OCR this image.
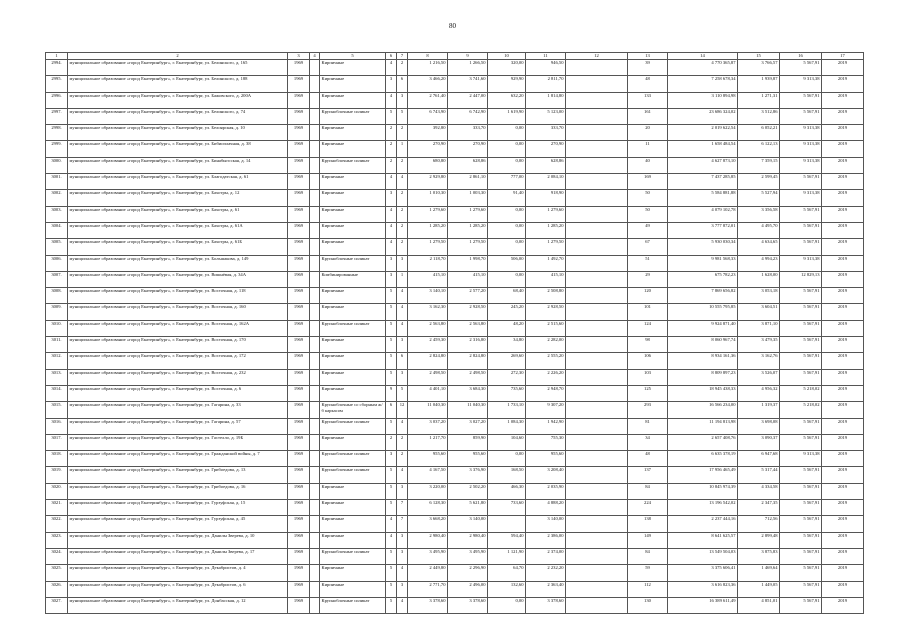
80
1	2	3	4	5	6	7	8	9	10	11	12	13	14	15	16	17
2994.	муниципальное образование «город Екатеринбург», г. Екатеринбург, ул. Белинского, д. 165	1969		Кирпичные	4	2	1 216,50	1 266,50	320,00	946,50		39	4 770 365,87	3 766,57	5 567,91	2019
2995.	муниципальное образование «город Екатеринбург», г. Екатеринбург, ул. Белинского, д. 188	1969		Кирпичные	3	6	3 466,20	3 741,60	929,90	2 811,70		48	7 258 678,34	1 939,87	9 313,38	2019
2996.	муниципальное образование «город Екатеринбург», г. Екатеринбург, ул. Бажовского, д. 200А	1969		Кирпичные	4	3	2 761,40	2 447,00	632,20	1 814,80		133	3 110 894,98	1 271,31	5 567,91	2019
2997.	муниципальное образование «город Екатеринбург», г. Екатеринбург, ул. Белинского, д. 74	1969		Крупноблочные силикат	5	5	6 743,90	6 742,90	1 619,90	5 123,00		161	23 686 324,02	3 512,86	5 567,91	2019
2998.	муниципальное образование «город Екатеринбург», г. Екатеринбург, ул. Белоярская, д. 10	1969		Кирпичные	2	2	392,80	333,70	0,00	333,70		20	2 019 622,54	6 052,21	9 313,38	2019
2999.	муниципальное образование «город Екатеринбург», г. Екатеринбург, ул. Бибиоплачная, д. 38	1969		Кирпичные	2	1	270,90	270,90	0,00	270,90		11	1 658 484,54	6 122,13	9 313,38	2019
3000.	муниципальное образование «город Екатеринбург», г. Екатеринбург, ул. Бинабыгоская, д. 14	1969		Крупноблочные силикат	2	2	680,80	628,86	0,00	628,86		40	4 627 873,10	7 359,15	9 313,38	2019
3001.	муниципальное образование «город Екатеринбург», г. Екатеринбург, ул. Благодатская, д. 61	1969		Кирпичные	4	4	2 929,80	2 861,10	777,00	2 084,10		169	7 437 285,85	2 599,45	5 567,91	2019
3002.	муниципальное образование «город Екатеринбург», г. Екатеринбург, ул. Бахотры, д. 12	1969		Кирпичные	3	2	1 010,30	1 003,30	91,40	918,90		50	5 584 881,88	5 527,94	9 313,38	2019
3003.	муниципальное образование «город Екатеринбург», г. Екатеринбург, ул. Бахотры, д. 61	1969		Кирпичные	4	2	1 279,60	1 279,60	0,00	1 279,60		50	4 079 102,78	3 356,58	5 567,91	2019
3004.	муниципальное образование «город Екатеринбург», г. Екатеринбург, ул. Бахотры, д. 61А	1969		Кирпичные	4	2	1 285,20	1 285,20	0,00	1 285,20		49	3 777 872,01	4 495,70	5 567,91	2019
3005.	муниципальное образование «город Екатеринбург», г. Екатеринбург, ул. Бахотры, д. 61Б	1969		Кирпичные	4	2	1 279,50	1 279,50	0,00	1 279,50		67	5 930 030,34	4 634,65	5 567,91	2019
3006.	муниципальное образование «город Екатеринбург», г. Екатеринбург, ул. Большакова, д. 149	1969		Крупноблочные силикат	3	3	2 118,70	1 998,70	506,00	1 492,70		51	9 981 568,33	4 994,23	9 313,38	2019
3007.	муниципальное образование «город Екатеринбург», г. Екатеринбург, ул. Вишнёвая, д. 34А	1969		Комбинированные	3	1	415,10	415,10	0,00	415,10		29	675 782,23	1 628,00	12 829,13	2019
3008.	муниципальное образование «город Екатеринбург», г. Екатеринбург, ул. Восточная, д. 118	1969		Кирпичные	5	4	3 140,10	2 577,20	68,40	2 508,80		120	7 869 656,82	3 053,18	5 567,91	2019
3009.	муниципальное образование «город Екатеринбург», г. Екатеринбург, ул. Восточная, д. 160	1969		Кирпичные	5	4	3 162,30	2 928,50	245,20	2 928,50		101	10 555 795,85	3 604,51	5 567,91	2019
3010.	муниципальное образование «город Екатеринбург», г. Екатеринбург, ул. Восточная, д. 162А	1969		Крупноблочные силикат	5	4	2 563,80	2 563,80	48,20	2 515,60		124	9 924 871,40	3 871,10	5 567,91	2019
3011.	муниципальное образование «город Екатеринбург», г. Екатеринбург, ул. Восточная, д. 170	1969		Кирпичные	5	3	2 459,30	2 316,80	34,80	2 282,00		98	8 060 967,74	3 479,35	5 567,91	2019
3012.	муниципальное образование «город Екатеринбург», г. Екатеринбург, ул. Восточная, д. 172	1969		Кирпичные	5	6	2 824,80	2 824,80	269,60	2 555,20		106	8 934 161,36	3 162,76	5 567,91	2019
3013.	муниципальное образование «город Екатеринбург», г. Екатеринбург, ул. Восточная, д. 232	1969		Кирпичные	5	3	2 498,50	2 498,50	272,30	2 226,20		103	8 809 897,23	3 526,07	5 567,91	2019
3014.	муниципальное образование «город Екатеринбург», г. Екатеринбург, ул. Восточная, д. 6	1969		Кирпичные	9	5	4 401,10	3 684,30	735,60	2 948,70		125	18 945 438,33	4 956,32	5 218,02	2019
3015.	муниципальное образование «город Екатеринбург», г. Екатеринбург, ул. Гагарина, д. 33	1969		Крупноблочные со сборным ж/б каркасом	6	12	11 040,30	11 040,30	1 733,10	9 307,20		293	16 566 234,00	1 319,37	5 218,02	2019
3016.	муниципальное образование «город Екатеринбург», г. Екатеринбург, ул. Гагарина, д. 57	1969		Крупноблочные силикат	5	4	3 037,20	3 027,20	1 084,30	1 942,90		81	11 194 813,98	3 698,08	5 567,91	2019
3017.	муниципальное образование «город Екатеринбург», г. Екатеринбург, ул. Гастелло, д. 19Б	1969		Кирпичные	2	2	1 217,70	859,90	104,60	755,30		34	2 657 408,76	3 090,37	5 567,91	2019
3018.	муниципальное образование «город Екатеринбург», г. Екатеринбург, ул. Гражданской войны, д. 7	1969		Крупноблочные силикат	3	2	955,60	955,60	0,00	955,60		48	6 635 378,19	6 947,68	9 313,38	2019
3019.	муниципальное образование «город Екатеринбург», г. Екатеринбург, ул. Грибоедова, д. 13	1969		Крупноблочные силикат	5	4	4 167,50	3 376,90	168,50	3 208,40		137	17 956 465,49	5 317,44	5 567,91	2019
3020.	муниципальное образование «город Екатеринбург», г. Екатеринбург, ул. Грибоедова, д. 16	1969		Кирпичные	5	3	3 220,00	2 502,20	466,30	2 035,90		84	10 845 974,39	4 334,58	5 567,91	2019
3021.	муниципальное образование «город Екатеринбург», г. Екатеринбург, ул. Гурзуфская, д. 15	1969		Кирпичные	5	7	6 128,30	5 621,80	733,60	4 888,20		224	13 196 542,02	2 347,35	5 567,91	2019
3022.	муниципальное образование «город Екатеринбург», г. Екатеринбург, ул. Гурзуфская, д. 45	1969		Кирпичные	4	7	3 668,20	3 140,00		3 140,00		138	2 237 444,16	712,56	5 567,91	2019
3023.	муниципальное образование «город Екатеринбург», г. Екатеринбург, ул. Данилы Зверева, д. 10	1969		Кирпичные	4	3	2 980,40	2 980,40	594,40	2 386,00		149	8 641 625,57	2 899,48	5 567,91	2019
3024.	муниципальное образование «город Екатеринбург», г. Екатеринбург, ул. Данилы Зверева, д. 17	1969		Крупноблочные силикат	5	3	3 495,90	3 495,90	1 121,90	2 374,00		84	13 549 504,03	3 875,83	5 567,91	2019
3025.	муниципальное образование «город Екатеринбург», г. Екатеринбург, ул. Декабристов, д. 4	1969		Кирпичные	5	4	2 449,80	2 296,90	64,70	2 232,20		59	3 375 606,41	1 469,64	5 567,91	2019
3026.	муниципальное образование «город Екатеринбург», г. Екатеринбург, ул. Декабристов, д. 6	1969		Кирпичные	5	3	2 771,70	2 496,00	132,60	2 363,40		112	3 616 823,36	1 449,05	5 567,91	2019
3027.	муниципальное образование «город Екатеринбург», г. Екатеринбург, ул. Донбасская, д. 12	1969		Крупноблочные силикат	5	4	3 378,60	3 378,60	0,00	3 378,60		130	16 389 611,49	4 851,01	5 567,91	2019
